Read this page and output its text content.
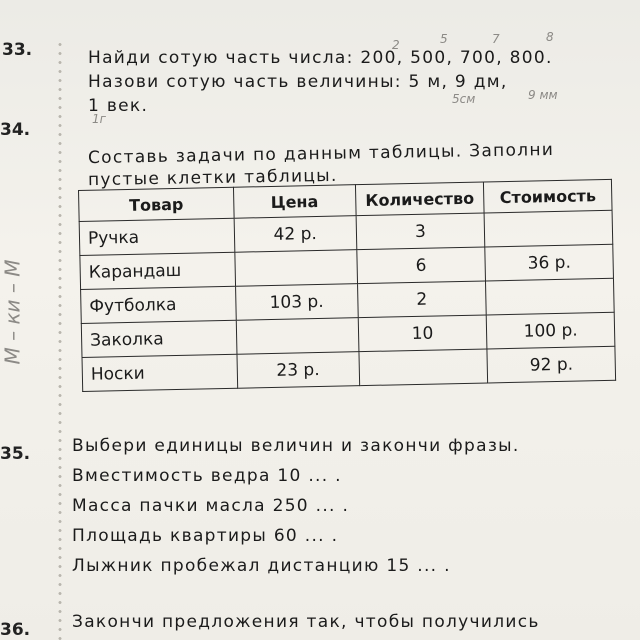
2	5	7	8
5см	9 мм
1г
М – ки – М
33.	Найди сотую часть числа: 200, 500, 700, 800.
Назови сотую часть величины: 5 м, 9 дм,
1 век.
34.
Составь задачи по данным таблицы. Заполни
пустые клетки таблицы.
Товар	Цена	Количество	Стоимость
Ручка	42 р.	3	
Карандаш		6	36 р.
Футболка	103 р.	2	
Заколка		10	100 р.
Носки	23 р.		92 р.
35. Выбери единицы величин и закончи фразы.
Вместимость ведра 10 ... .
Масса пачки масла 250 ... .
Площадь квартиры 60 ... .
Лыжник пробежал дистанцию 15 ... .
36. Закончи предложения так, чтобы получились
